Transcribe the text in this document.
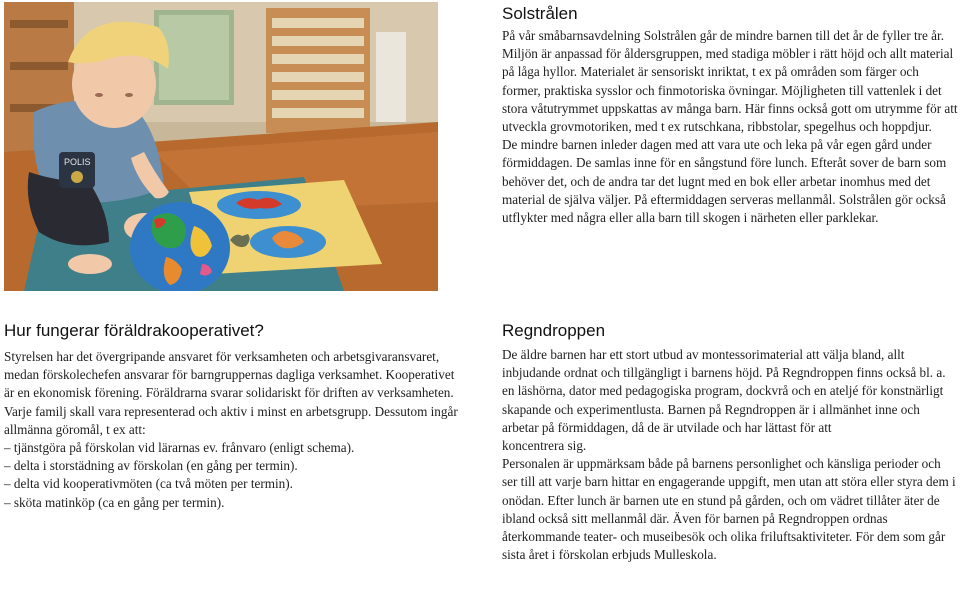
POLIS
Solstrålen

På vår småbarnsavdelning Solstrålen går de mindre barnen till det år de fyller tre år. Miljön är anpassad för åldersgruppen, med stadiga möbler i rätt höjd och allt material på låga hyllor. Materialet är sensoriskt inriktat, t ex på områden som färger och former, praktiska sysslor och finmotoriska övningar. Möjligheten till vattenlek i det stora våtutrymmet uppskattas av många barn. Här finns också gott om utrymme för att utveckla grovmotoriken, med t ex rutschkana, ribbstolar, spegelhus och hoppdjur.

De mindre barnen inleder dagen med att vara ute och leka på vår egen gård under förmiddagen. De samlas inne för en sångstund före lunch. Efteråt sover de barn som behöver det, och de andra tar det lugnt med en bok eller arbetar inomhus med det material de själva väljer. På eftermiddagen serveras mellanmål. Solstrålen gör också utflykter med några eller alla barn till skogen i närheten eller parklekar.

Hur fungerar föräldrakooperativet?

Styrelsen har det övergripande ansvaret för verksamheten och arbetsgivaransvaret, medan förskolechefen ansvarar för barngruppernas dagliga verksamhet. Kooperativet är en ekonomisk förening. Föräldrarna svarar solidariskt för driften av verksamheten. Varje familj skall vara representerad och aktiv i minst en arbetsgrupp. Dessutom ingår allmänna göromål, t ex att:

– tjänstgöra på förskolan vid lärarnas ev. frånvaro (enligt schema).
– delta i storstädning av förskolan (en gång per termin).
– delta vid kooperativmöten (ca två möten per termin).
– sköta matinköp (ca en gång per termin).
Regndroppen

De äldre barnen har ett stort utbud av montessorimaterial att välja bland, allt inbjudande ordnat och tillgängligt i barnens höjd. På Regndroppen finns också bl. a. en läshörna, dator med pedagogiska program, dockvrå och en ateljé för konstnärligt skapande och experimentlusta. Barnen på Regndroppen är i allmänhet inne och arbetar på förmiddagen, då de är utvilade och har lättast för att

koncentrera sig.

Personalen är uppmärksam både på barnens personlighet och känsliga perioder och ser till att varje barn hittar en engagerande uppgift, men utan att störa eller styra dem i onödan. Efter lunch är barnen ute en stund på gården, och om vädret tillåter äter de ibland också sitt mellanmål där. Även för barnen på Regndroppen ordnas återkommande teater- och museibesök och olika friluftsaktiviteter. För dem som går sista året i förskolan erbjuds Mulleskola.
